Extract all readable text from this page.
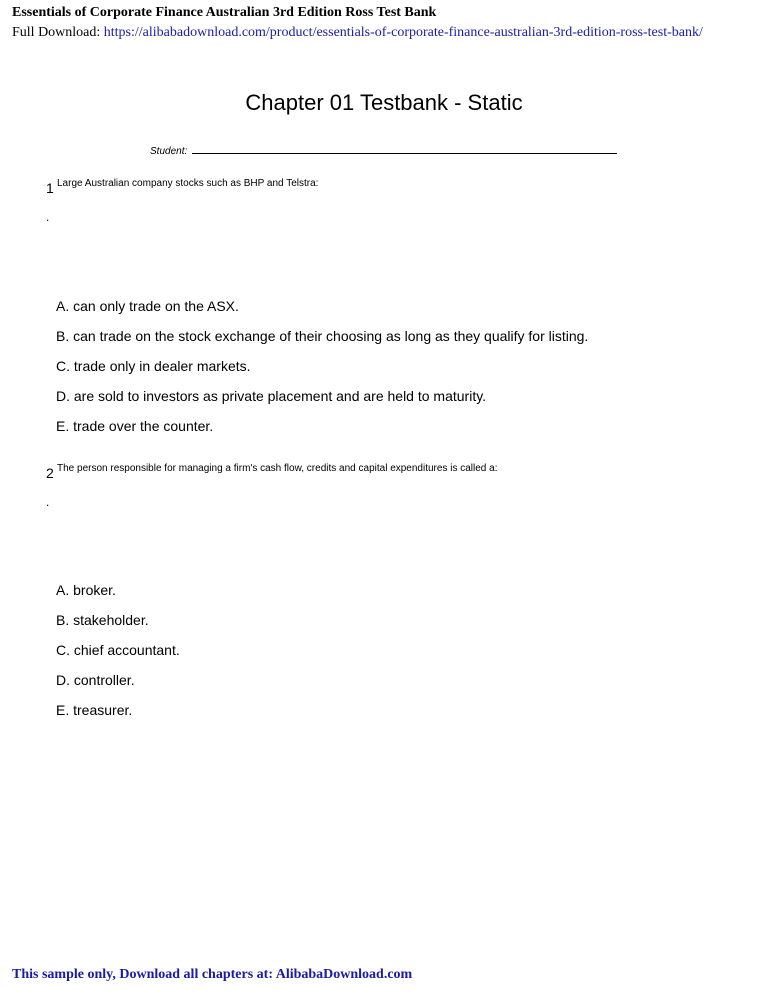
Essentials of Corporate Finance Australian 3rd Edition Ross Test Bank
Full Download: https://alibabadownload.com/product/essentials-of-corporate-finance-australian-3rd-edition-ross-test-bank/
Chapter 01 Testbank - Static
Student:
1 Large Australian company stocks such as BHP and Telstra:
.
A. can only trade on the ASX.
B. can trade on the stock exchange of their choosing as long as they qualify for listing.
C. trade only in dealer markets.
D. are sold to investors as private placement and are held to maturity.
E. trade over the counter.
2 The person responsible for managing a firm's cash flow, credits and capital expenditures is called a:
.
A. broker.
B. stakeholder.
C. chief accountant.
D. controller.
E. treasurer.
This sample only, Download all chapters at: AlibabaDownload.com
